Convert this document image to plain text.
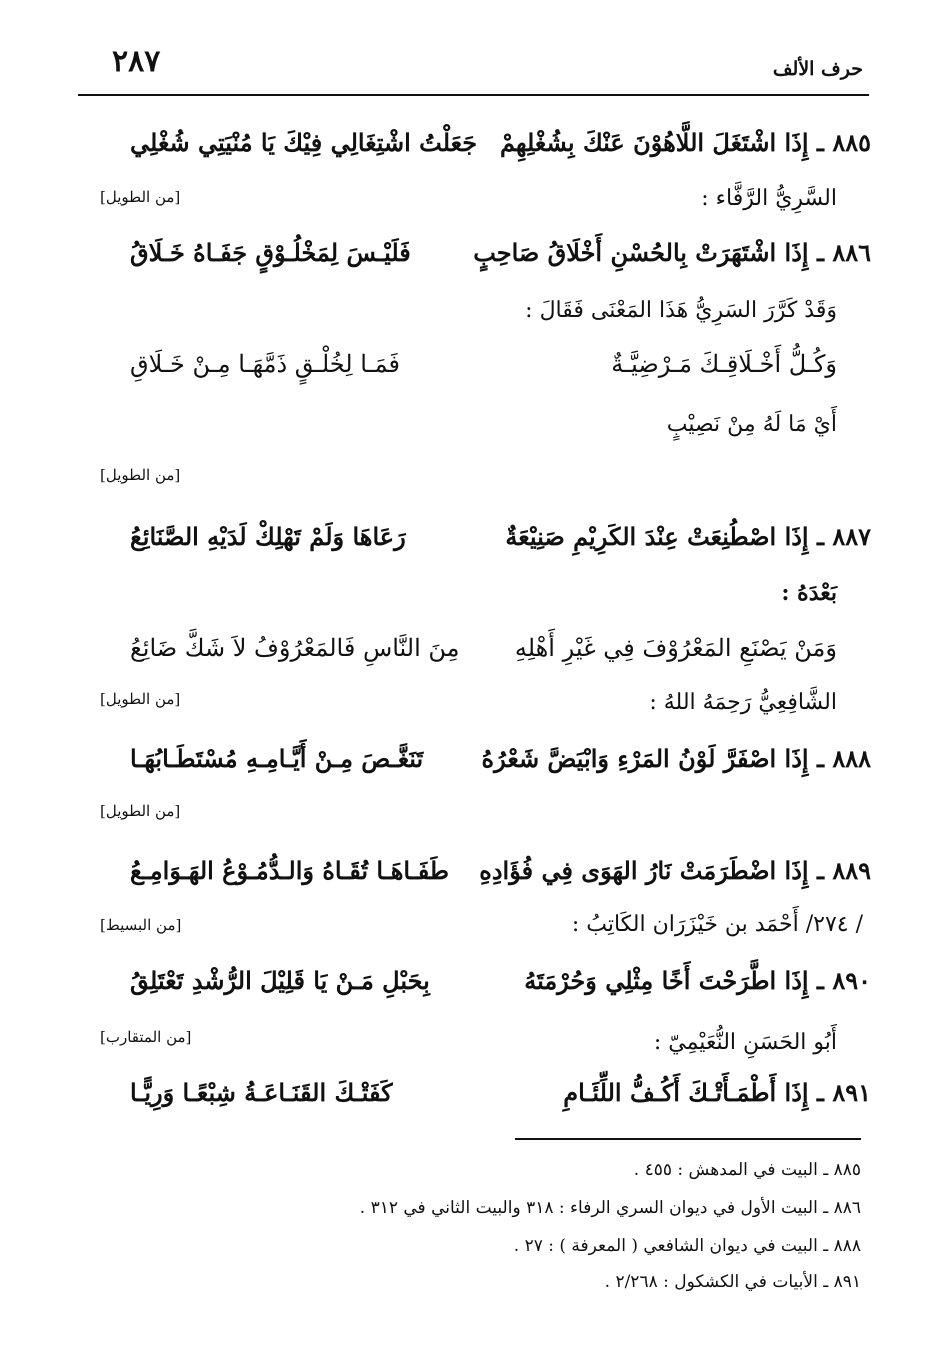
٢٨٧	حرف الألف
٨٨٥ ـ إِذَا اشْتَغَلَ اللَّاهُوْنَ عَنْكَ بِشُغْلِهِمْ
جَعَلْتُ اشْتِغَالِي فِيْكَ يَا مُنْيَتِي شُغْلِي
السَّرِيُّ الرَّفَّاء :
[من الطويل]
٨٨٦ ـ إِذَا اشْتَهَرَتْ بِالحُسْنِ أَخْلَاقُ صَاحِبٍ
فَلَيْـسَ لِمَخْلُـوْقٍ جَفَـاهُ خَـلَاقُ
وَقَدْ كَرَّرَ السَرِيُّ هَذَا المَعْنَى فَقَالَ :
وَكُـلُّ أَخْـلَاقِـكَ مَـرْضِيَّـةٌ
فَمَـا لِخُلْـقٍ ذَمَّهَـا مِـنْ خَـلَاقِ
أَيْ مَا لَهُ مِنْ نَصِيْبٍ
[من الطويل]
٨٨٧ ـ إِذَا اصْطُنِعَتْ عِنْدَ الكَرِيْمِ صَنِيْعَةٌ
رَعَاهَا وَلَمْ تَهْلِكْ لَدَيْهِ الصَّنَائِعُ
بَعْدَهُ :
وَمَنْ يَصْنَعِ المَعْرُوْفَ فِي غَيْرِ أَهْلِهِ
مِنَ النَّاسِ فَالمَعْرُوْفُ لاَ شَكَّ ضَائِعُ
الشَّافِعِيُّ رَحِمَهُ اللهُ :
[من الطويل]
٨٨٨ ـ إِذَا اصْفَرَّ لَوْنُ المَرْءِ وَابْيَضَّ شَعْرُهُ
تَنَغَّـصَ مِـنْ أَيَّـامِـهِ مُسْتَطَـابُهَـا
[من الطويل]
٨٨٩ ـ إِذَا اضْطَرَمَتْ نَارُ الهَوَى فِي فُؤَادِهِ
طَفَـاهَـا تُقَـاهُ وَالـدُّمُـوْعُ الهَـوَامِـعُ
/ ٢٧٤/ أَحْمَد بن خَيْزَرَان الكَاتِبُ :
[من البسيط]
٨٩٠ ـ إِذَا اطَّرَحْتَ أَخًا مِثْلِي وَحُرْمَتَهُ
بِحَبْلِ مَـنْ يَا قَلِيْلَ الرُّشْدِ تَعْتَلِقُ
أَبُو الحَسَنِ النُّعَيْمِيّ :
[من المتقارب]
٨٩١ ـ إِذَا أَطْمَـأَتْـكَ أَكُـفُّ اللِّئَـامِ
كَفَتْـكَ القَنَـاعَـةُ شِبْعًـا وَرِيًّـا
٨٨٥ ـ البيت في المدهش : ٤٥٥ .
٨٨٦ ـ البيت الأول في ديوان السري الرفاء : ٣١٨ والبيت الثاني في ٣١٢ .
٨٨٨ ـ البيت في ديوان الشافعي ( المعرفة ) : ٢٧ .
٨٩١ ـ الأبيات في الكشكول : ٢/٢٦٨ .
